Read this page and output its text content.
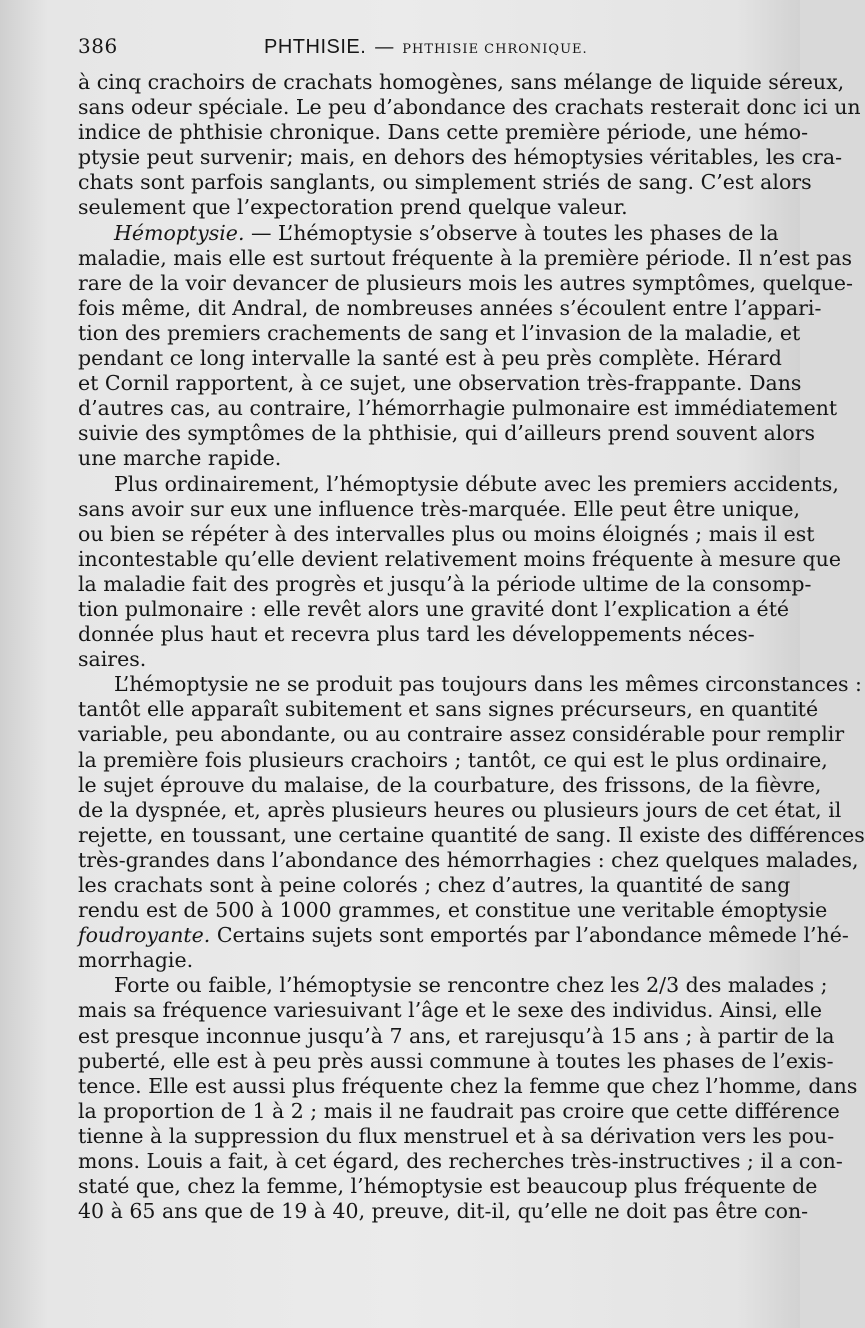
386	PHTHISIE. — PHTHISIE CHRONIQUE.
à cinq crachoirs de crachats homogènes, sans mélange de liquide séreux,
sans odeur spéciale. Le peu d’abondance des crachats resterait donc ici un
indice de phthisie chronique. Dans cette première période, une hémo-
ptysie peut survenir; mais, en dehors des hémoptysies véritables, les cra-
chats sont parfois sanglants, ou simplement striés de sang. C’est alors
seulement que l’expectoration prend quelque valeur.
Hémoptysie. — L’hémoptysie s’observe à toutes les phases de la
maladie, mais elle est surtout fréquente à la première période. Il n’est pas
rare de la voir devancer de plusieurs mois les autres symptômes, quelque-
fois même, dit Andral, de nombreuses années s’écoulent entre l’appari-
tion des premiers crachements de sang et l’invasion de la maladie, et
pendant ce long intervalle la santé est à peu près complète. Hérard
et Cornil rapportent, à ce sujet, une observation très-frappante. Dans
d’autres cas, au contraire, l’hémorrhagie pulmonaire est immédiatement
suivie des symptômes de la phthisie, qui d’ailleurs prend souvent alors
une marche rapide.
Plus ordinairement, l’hémoptysie débute avec les premiers accidents,
sans avoir sur eux une influence très-marquée. Elle peut être unique,
ou bien se répéter à des intervalles plus ou moins éloignés ; mais il est
incontestable qu’elle devient relativement moins fréquente à mesure que
la maladie fait des progrès et jusqu’à la période ultime de la consomp-
tion pulmonaire : elle revêt alors une gravité dont l’explication a été
donnée plus haut et recevra plus tard les développements néces-
saires.
L’hémoptysie ne se produit pas toujours dans les mêmes circonstances :
tantôt elle apparaît subitement et sans signes précurseurs, en quantité
variable, peu abondante, ou au contraire assez considérable pour remplir
la première fois plusieurs crachoirs ; tantôt, ce qui est le plus ordinaire,
le sujet éprouve du malaise, de la courbature, des frissons, de la fièvre,
de la dyspnée, et, après plusieurs heures ou plusieurs jours de cet état, il
rejette, en toussant, une certaine quantité de sang. Il existe des différences
très-grandes dans l’abondance des hémorrhagies : chez quelques malades,
les crachats sont à peine colorés ; chez d’autres, la quantité de sang
rendu est de 500 à 1000 grammes, et constitue une veritable émoptysie
foudroyante. Certains sujets sont emportés par l’abondance mêmede l’hé-
morrhagie.
Forte ou faible, l’hémoptysie se rencontre chez les 2/3 des malades ;
mais sa fréquence variesuivant l’âge et le sexe des individus. Ainsi, elle
est presque inconnue jusqu’à 7 ans, et rarejusqu’à 15 ans ; à partir de la
puberté, elle est à peu près aussi commune à toutes les phases de l’exis-
tence. Elle est aussi plus fréquente chez la femme que chez l’homme, dans
la proportion de 1 à 2 ; mais il ne faudrait pas croire que cette différence
tienne à la suppression du flux menstruel et à sa dérivation vers les pou-
mons. Louis a fait, à cet égard, des recherches très-instructives ; il a con-
staté que, chez la femme, l’hémoptysie est beaucoup plus fréquente de
40 à 65 ans que de 19 à 40, preuve, dit-il, qu’elle ne doit pas être con-
